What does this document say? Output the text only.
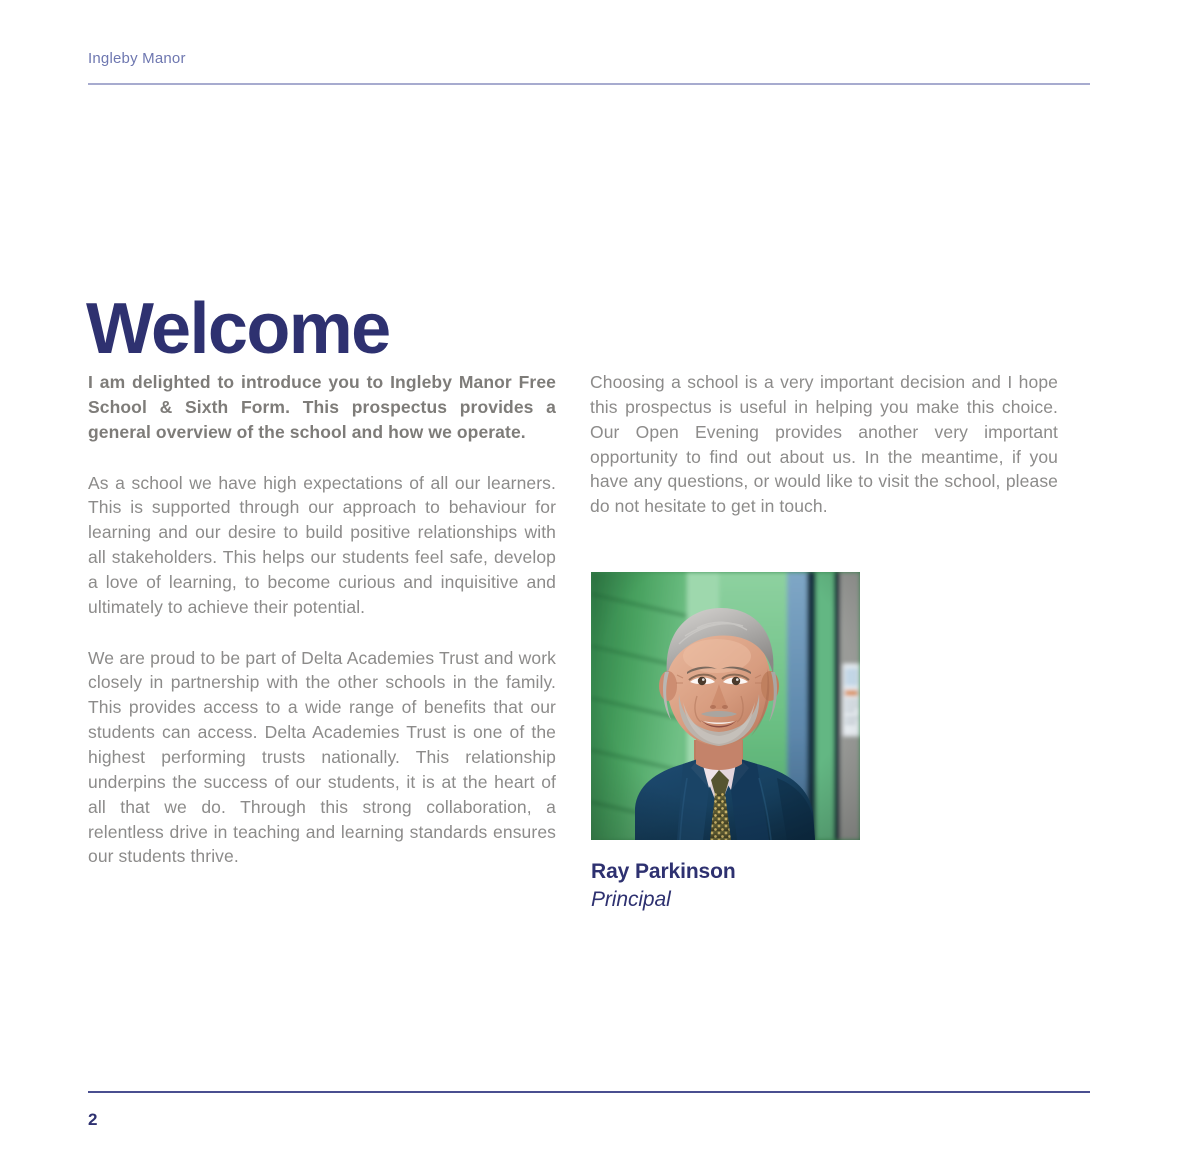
Ingleby Manor
Welcome

I am delighted to introduce you to Ingleby Manor Free School & Sixth Form. This prospectus provides a general overview of the school and how we operate.

As a school we have high expectations of all our learners. This is supported through our approach to behaviour for learning and our desire to build positive relationships with all stakeholders. This helps our students feel safe, develop a love of learning, to become curious and inquisitive and ultimately to achieve their potential.

We are proud to be part of Delta Academies Trust and work closely in partnership with the other schools in the family. This provides access to a wide range of benefits that our students can access. Delta Academies Trust is one of the highest performing trusts nationally. This relationship underpins the success of our students, it is at the heart of all that we do. Through this strong collaboration, a relentless drive in teaching and learning standards ensures our students thrive.

Choosing a school is a very important decision and I hope this prospectus is useful in helping you make this choice. Our Open Evening provides another very important opportunity to find out about us. In the meantime, if you have any questions, or would like to visit the school, please do not hesitate to get in touch.

Ray Parkinson
Principal
2
